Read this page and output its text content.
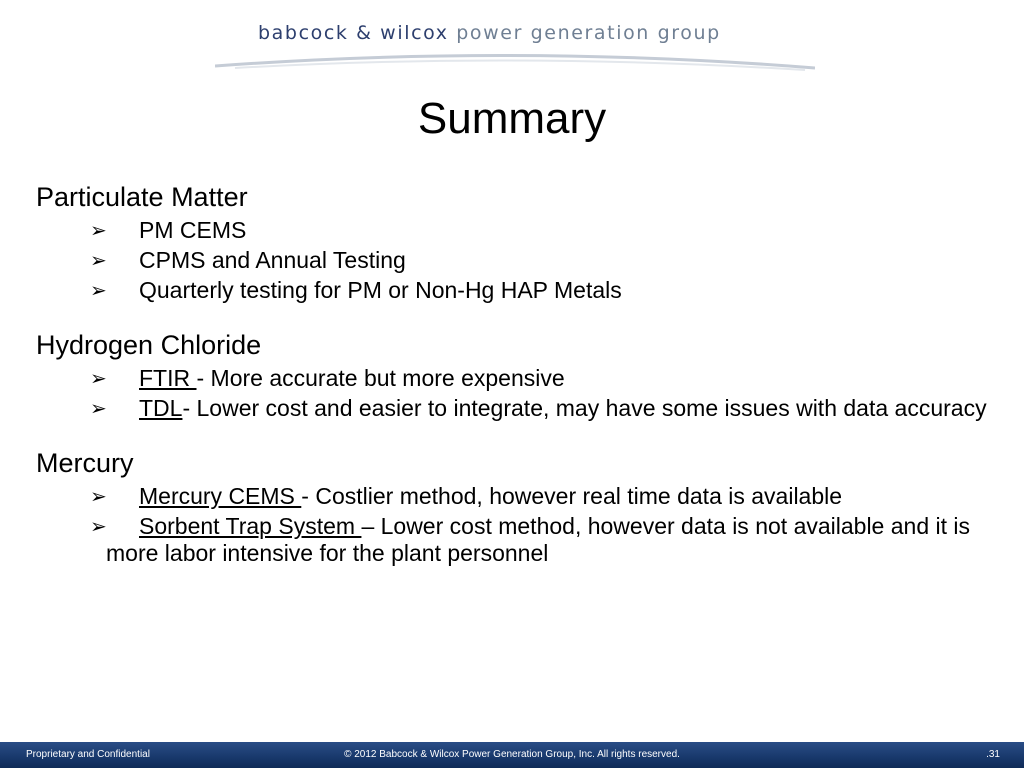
babcock & wilcox power generation group
Summary
Particulate Matter
➢ PM CEMS
➢ CPMS and Annual Testing
➢ Quarterly testing for PM or Non-Hg HAP Metals
Hydrogen Chloride
➢ FTIR - More accurate but more expensive
➢ TDL- Lower cost and easier to integrate, may have some issues with data accuracy
Mercury
➢ Mercury CEMS - Costlier method, however real time data is available
➢ Sorbent Trap System – Lower cost method, however data is not available and it is more labor intensive for the plant personnel
Proprietary and Confidential	© 2012 Babcock & Wilcox Power Generation Group, Inc. All rights reserved.	.31
